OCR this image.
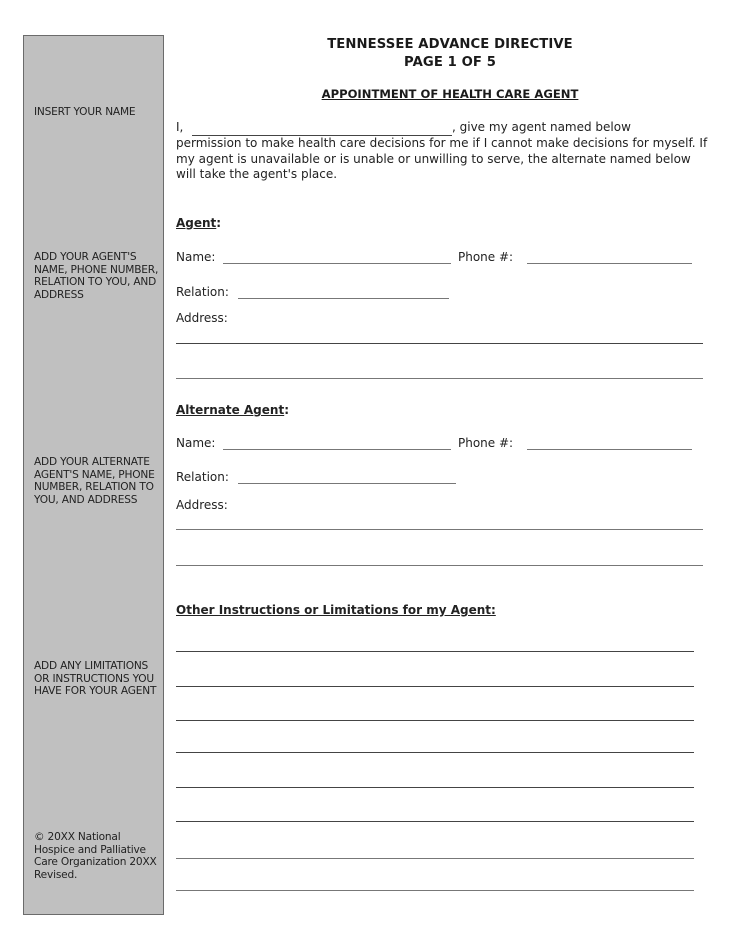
INSERT YOUR NAME
ADD YOUR AGENT'S NAME, PHONE NUMBER, RELATION TO YOU, AND ADDRESS
ADD YOUR ALTERNATE AGENT'S NAME, PHONE NUMBER, RELATION TO YOU, AND ADDRESS
ADD ANY LIMITATIONS OR INSTRUCTIONS YOU HAVE FOR YOUR AGENT
© 20XX National Hospice and Palliative Care Organization 20XX Revised.
TENNESSEE ADVANCE DIRECTIVE
PAGE 1 OF 5
APPOINTMENT OF HEALTH CARE AGENT
I,	, give my agent named below
permission to make health care decisions for me if I cannot make decisions for myself. If my agent is unavailable or is unable or unwilling to serve, the alternate named below will take the agent's place.
Agent:
Name:	Phone #:
Relation:
Address:
Alternate Agent:
Name:	Phone #:
Relation:
Address:
Other Instructions or Limitations for my Agent:
